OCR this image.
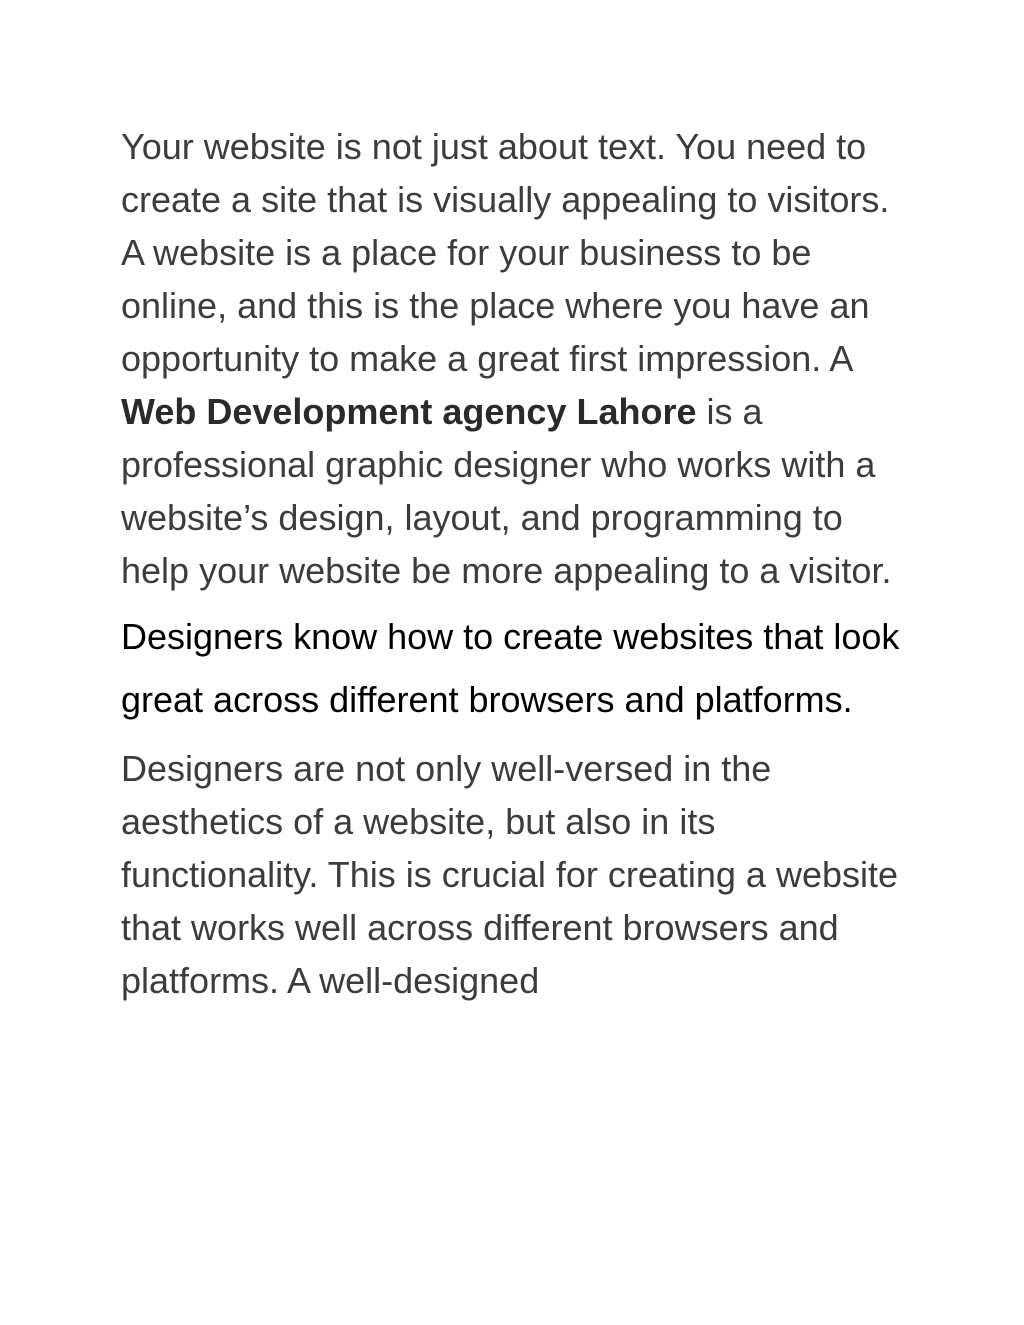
Your website is not just about text. You need to create a site that is visually appealing to visitors. A website is a place for your business to be online, and this is the place where you have an opportunity to make a great first impression. A Web Development agency Lahore is a professional graphic designer who works with a website’s design, layout, and programming to help your website be more appealing to a visitor.

Designers know how to create websites that look great across different browsers and platforms.

Designers are not only well-versed in the aesthetics of a website, but also in its functionality. This is crucial for creating a website that works well across different browsers and platforms. A well-designed
